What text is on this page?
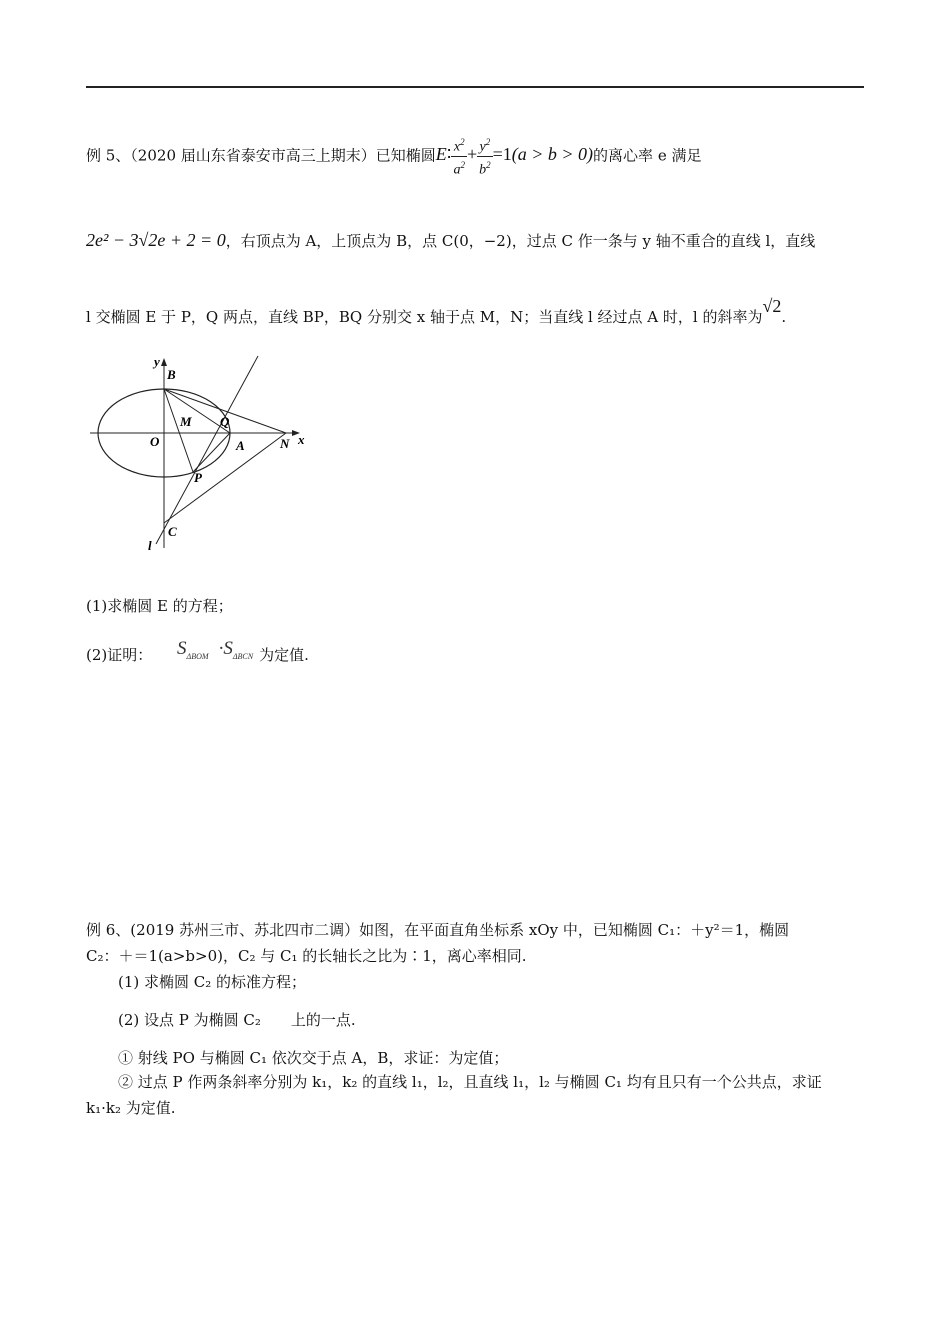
例 5、（2020 届山东省泰安市高三上期末）已知椭圆E∶ $\frac{x^2}{a^2} + \frac{y^2}{b^2} =1(a > b > 0)$的离心率 e 满足
2e² − 3√2e + 2 = 0，右顶点为 A，上顶点为 B，点 C(0，−2)，过点 C 作一条与 y 轴不重合的直线 l，直线
l 交椭圆 E 于 P，Q 两点，直线 BP，BQ 分别交 x 轴于点 M，N；当直线 l 经过点 A 时，l 的斜率为√2.
y
B
M Q
O	A	N x
P
C
l
(1)求椭圆 E 的方程；
(2)证明： $S_{\Delta BOM} \cdot S_{\Delta BCN}$ 为定值.
例 6、(2019 苏州三市、苏北四市二调）如图，在平面直角坐标系 xOy 中，已知椭圆 C₁：＋y²＝1，椭圆
C₂：＋＝1(a>b>0)，C₂ 与 C₁ 的长轴长之比为∶1，离心率相同.
(1) 求椭圆 C₂ 的标准方程；
(2) 设点 P 为椭圆 C₂　　上的一点.
① 射线 PO 与椭圆 C₁ 依次交于点 A，B，求证：为定值；
② 过点 P 作两条斜率分别为 k₁，k₂ 的直线 l₁，l₂，且直线 l₁，l₂ 与椭圆 C₁ 均有且只有一个公共点，求证
k₁·k₂ 为定值.
